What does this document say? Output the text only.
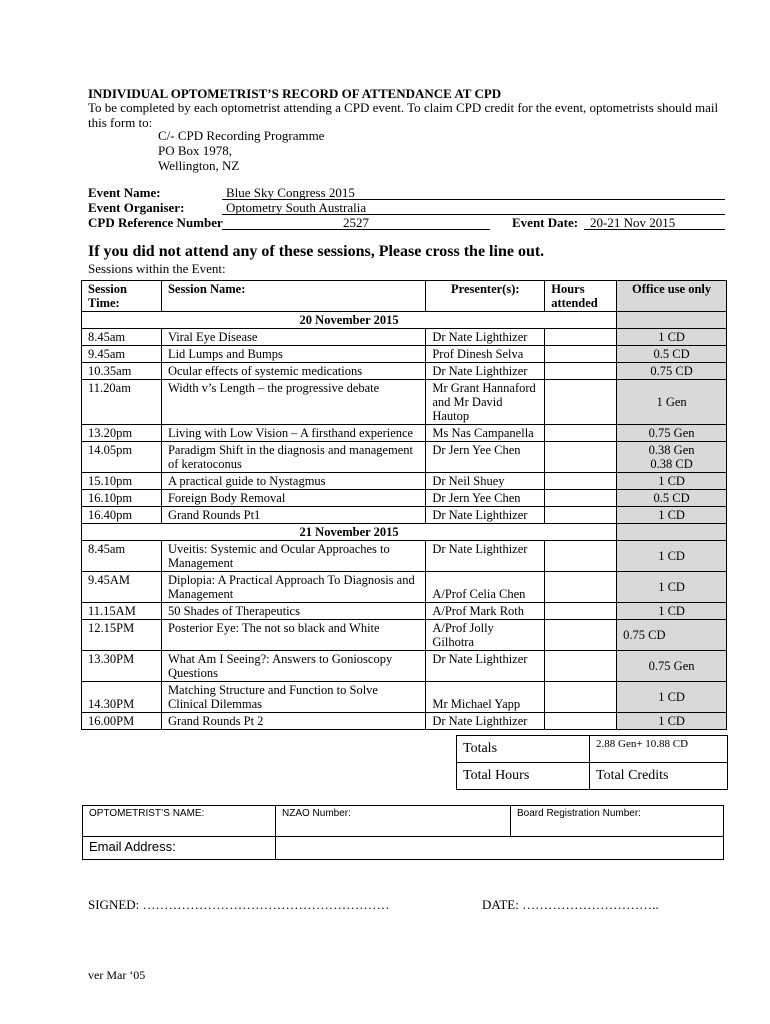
INDIVIDUAL OPTOMETRIST’S RECORD OF ATTENDANCE AT CPD
To be completed by each optometrist attending a CPD event. To claim CPD credit for the event, optometrists should mail this form to:
C/- CPD Recording Programme
PO Box 1978,
Wellington, NZ
Event Name:	Blue Sky Congress 2015
Event Organiser:	Optometry South Australia
CPD Reference Number	2527	Event Date: 20-21 Nov 2015
If you did not attend any of these sessions, Please cross the line out.
Sessions within the Event:
Session Time:	Session Name:	Presenter(s):	Hours attended	Office use only
20 November 2015				
8.45am	Viral Eye Disease	Dr Nate Lighthizer		1 CD
9.45am	Lid Lumps and Bumps	Prof Dinesh Selva		0.5 CD
10.35am	Ocular effects of systemic medications	Dr Nate Lighthizer		0.75 CD
11.20am	Width v’s Length – the progressive debate	Mr Grant Hannaford and Mr David Hautop		1 Gen
13.20pm	Living with Low Vision – A firsthand experience	Ms Nas Campanella		0.75 Gen
14.05pm	Paradigm Shift in the diagnosis and management of keratoconus	Dr Jern Yee Chen		0.38 Gen
0.38 CD
15.10pm	A practical guide to Nystagmus	Dr Neil Shuey		1 CD
16.10pm	Foreign Body Removal	Dr Jern Yee Chen		0.5 CD
16.40pm	Grand Rounds Pt1	Dr Nate Lighthizer		1 CD
21 November 2015				
8.45am	Uveitis: Systemic and Ocular Approaches to Management	Dr Nate Lighthizer		1 CD
9.45AM	Diplopia: A Practical Approach To Diagnosis and Management	A/Prof Celia Chen		1 CD
11.15AM	50 Shades of Therapeutics	A/Prof Mark Roth		1 CD
12.15PM	Posterior Eye: The not so black and White	A/Prof Jolly Gilhotra		0.75 CD
13.30PM	What Am I Seeing?: Answers to Gonioscopy Questions	Dr Nate Lighthizer		0.75 Gen
14.30PM	Matching Structure and Function to Solve Clinical Dilemmas	Mr Michael Yapp		1 CD
16.00PM	Grand Rounds Pt 2	Dr Nate Lighthizer		1 CD
Totals	2.88 Gen+ 10.88 CD
Total Hours	Total Credits
OPTOMETRIST’S NAME:	NZAO Number:	Board Registration Number:
Email Address:		
SIGNED: …………………………………………………	DATE: …………………………..
ver Mar ‘05
